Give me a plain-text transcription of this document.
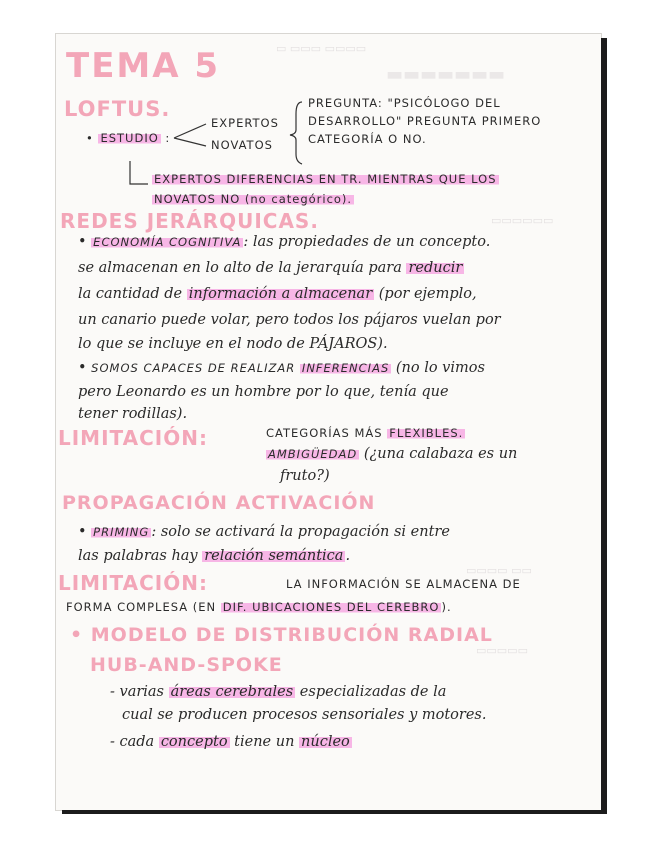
▭ ▭▭▭ ▭▭▭▭
▬▬▬▬▬▬▬
▭▭▭▭▭▭
▭▭▭▭ ▭▭
▭▭▭▭▭
TEMA 5
LOFTUS.
• ESTUDIO :
EXPERTOS
NOVATOS
PREGUNTA: "PSICÓLOGO DEL
DESARROLLO" PREGUNTA PRIMERO
CATEGORÍA O NO.
EXPERTOS DIFERENCIAS EN TR. MIENTRAS QUE LOS
NOVATOS NO (no categórico).
REDES JERÁRQUICAS.
• ECONOMÍA COGNITIVA : las propiedades de un concepto.
se almacenan en lo alto de la jerarquía para reducir
la cantidad de información a almacenar (por ejemplo,
un canario puede volar, pero todos los pájaros vuelan por
lo que se incluye en el nodo de PÁJAROS).
• SOMOS CAPACES DE REALIZAR INFERENCIAS (no lo vimos
pero Leonardo es un hombre por lo que, tenía que
tener rodillas).
LIMITACIÓN:	CATEGORÍAS MÁS FLEXIBLES.
AMBIGÜEDAD (¿una calabaza es un
fruto?)
PROPAGACIÓN ACTIVACIÓN
• PRIMING : solo se activará la propagación si entre
las palabras hay relación semántica .
LIMITACIÓN:	LA INFORMACIÓN SE ALMACENA DE
FORMA COMPLESA (EN DIF. UBICACIONES DEL CEREBRO ).
• MODELO DE DISTRIBUCIÓN RADIAL
HUB-AND-SPOKE
- varias áreas cerebrales especializadas de la
cual se producen procesos sensoriales y motores.
- cada concepto tiene un núcleo
